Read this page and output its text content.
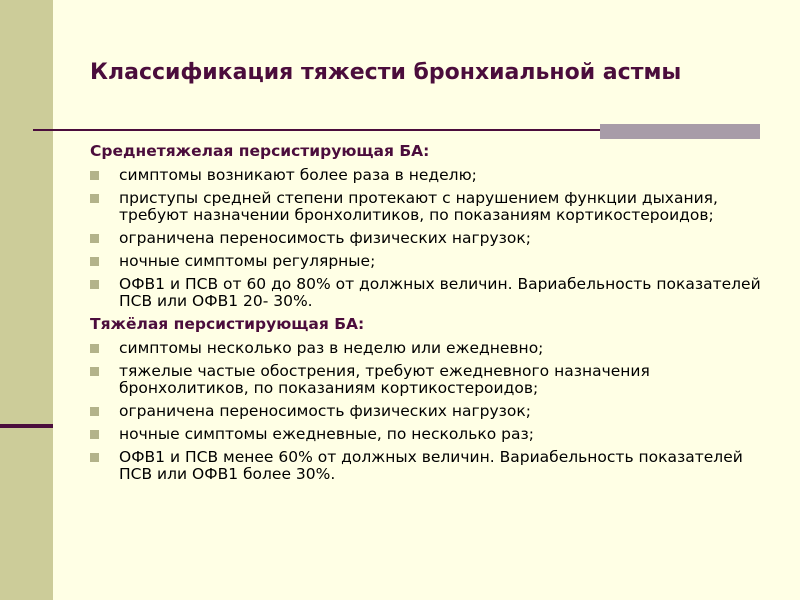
Классификация тяжести бронхиальной астмы
Среднетяжелая персистирующая БА:
симптомы возникают более раза в неделю;
приступы средней степени протекают с нарушением функции дыхания, требуют назначении бронхолитиков, по показаниям кортикостероидов;
ограничена переносимость физических нагрузок;
ночные симптомы регулярные;
ОФВ1 и ПСВ от 60 до 80% от должных величин. Вариабельность показателей ПСВ или ОФВ1 20- 30%.
Тяжёлая персистирующая БА:
симптомы несколько раз в неделю или ежедневно;
тяжелые частые обострения, требуют ежедневного назначения бронхолитиков, по показаниям кортикостероидов;
ограничена переносимость физических нагрузок;
ночные симптомы ежедневные, по несколько раз;
ОФВ1 и ПСВ менее 60% от должных величин. Вариабельность показателей ПСВ или ОФВ1 более 30%.
